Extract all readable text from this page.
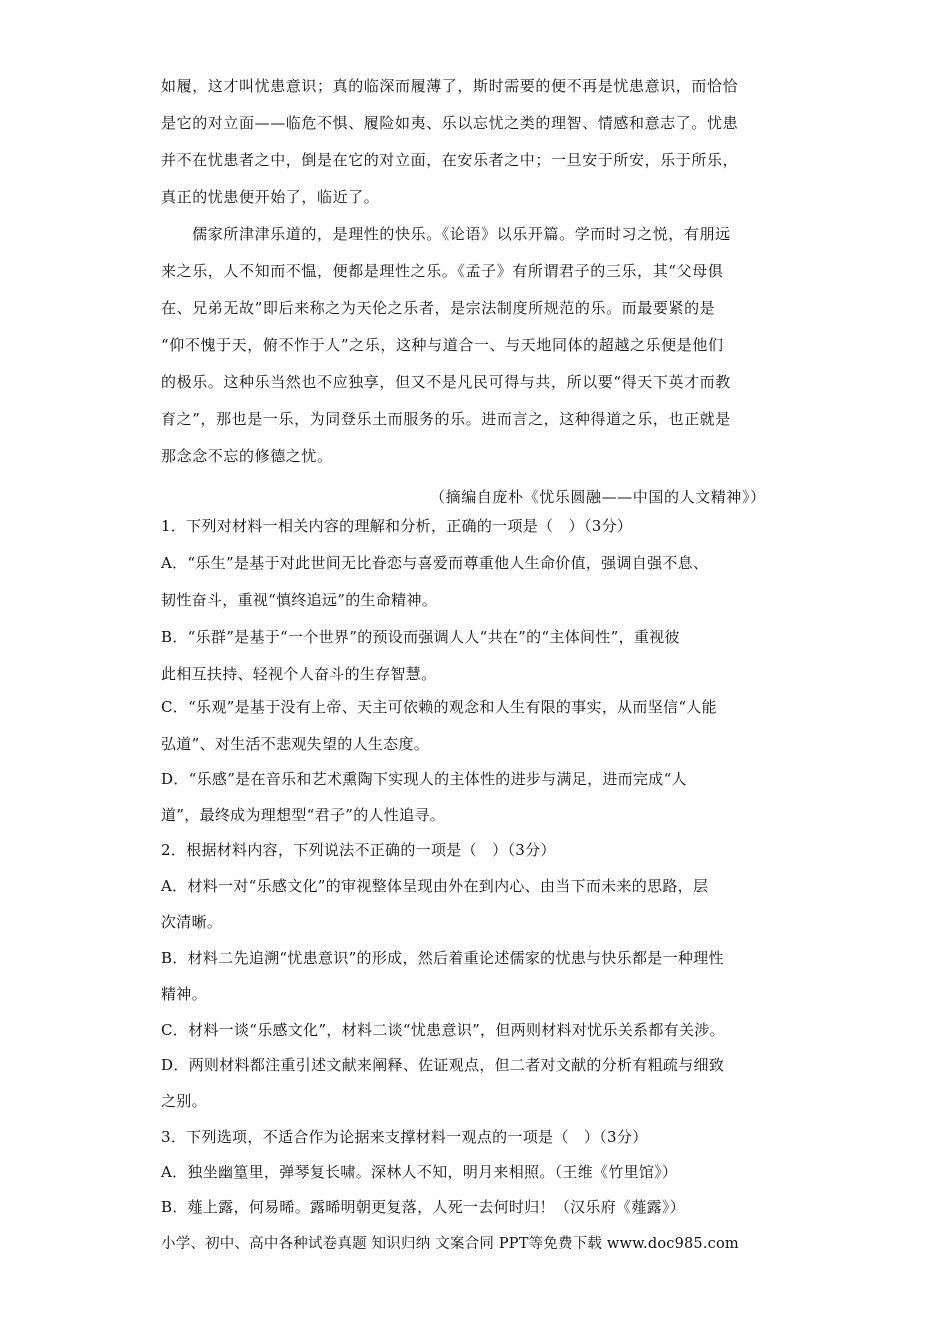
如履，这才叫忧患意识；真的临深而履薄了，斯时需要的便不再是忧患意识，而恰恰
是它的对立面——临危不惧、履险如夷、乐以忘忧之类的理智、情感和意志了。忧患
并不在忧患者之中，倒是在它的对立面，在安乐者之中；一旦安于所安，乐于所乐，
真正的忧患便开始了，临近了。
　　儒家所津津乐道的，是理性的快乐。《论语》以乐开篇。学而时习之悦，有朋远
来之乐，人不知而不愠，便都是理性之乐。《孟子》有所谓君子的三乐，其“父母俱
在、兄弟无故”即后来称之为天伦之乐者，是宗法制度所规范的乐。而最要紧的是
“仰不愧于天，俯不怍于人”之乐，这种与道合一、与天地同体的超越之乐便是他们
的极乐。这种乐当然也不应独享，但又不是凡民可得与共，所以要“得天下英才而教
育之”，那也是一乐，为同登乐土而服务的乐。进而言之，这种得道之乐，也正就是
那念念不忘的修德之忧。
（摘编自庞朴《忧乐圆融——中国的人文精神》）
1．下列对材料一相关内容的理解和分析，正确的一项是（　）（3分）
A．“乐生”是基于对此世间无比眷恋与喜爱而尊重他人生命价值，强调自强不息、
韧性奋斗，重视“慎终追远”的生命精神。
B．“乐群”是基于“一个世界”的预设而强调人人“共在”的“主体间性”，重视彼
此相互扶持、轻视个人奋斗的生存智慧。
C．“乐观”是基于没有上帝、天主可依赖的观念和人生有限的事实，从而坚信“人能
弘道”、对生活不悲观失望的人生态度。
D．“乐感”是在音乐和艺术熏陶下实现人的主体性的进步与满足，进而完成“人
道”，最终成为理想型“君子”的人性追寻。
2．根据材料内容，下列说法不正确的一项是（　）（3分）
A．材料一对“乐感文化”的审视整体呈现由外在到内心、由当下而未来的思路，层
次清晰。
B．材料二先追溯“忧患意识”的形成，然后着重论述儒家的忧患与快乐都是一种理性
精神。
C．材料一谈“乐感文化”，材料二谈“忧患意识”，但两则材料对忧乐关系都有关涉。
D．两则材料都注重引述文献来阐释、佐证观点，但二者对文献的分析有粗疏与细致
之别。
3．下列选项，不适合作为论据来支撑材料一观点的一项是（　）（3分）
A．独坐幽篁里，弹琴复长啸。深林人不知，明月来相照。（王维《竹里馆》）
B．薤上露，何易晞。露晞明朝更复落，人死一去何时归！（汉乐府《薤露》）
小学、初中、高中各种试卷真题 知识归纳 文案合同 PPT等免费下载 www.doc985.com
